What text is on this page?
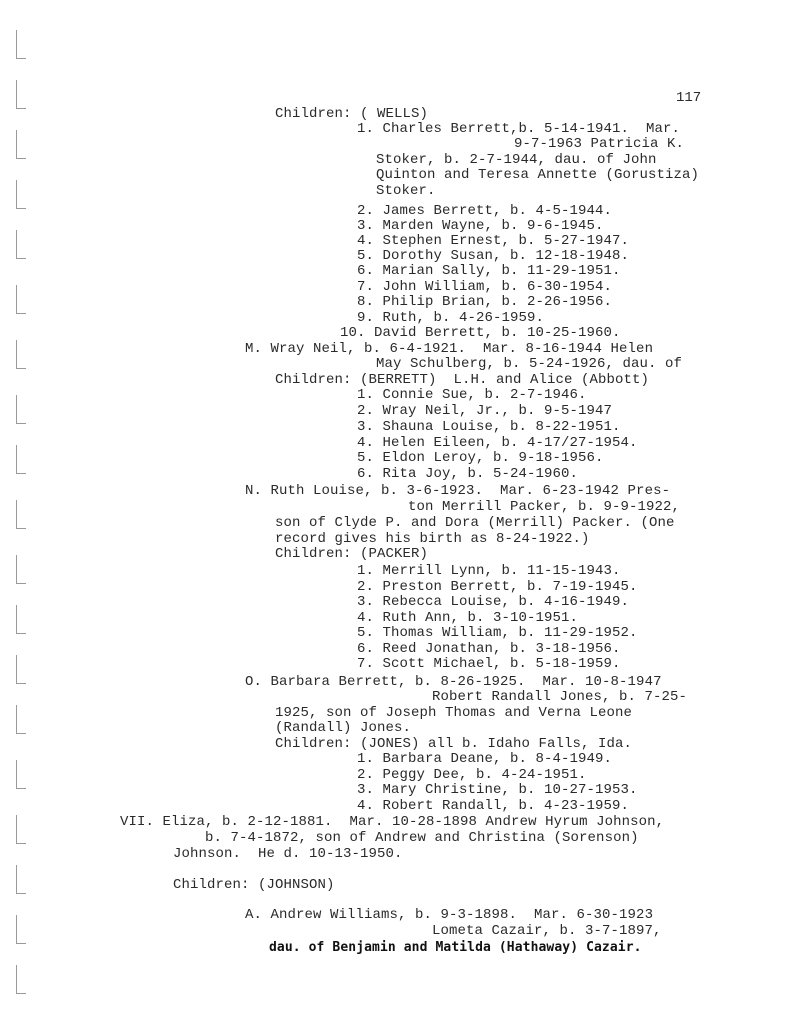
117
Children: ( WELLS)
1. Charles Berrett,b. 5-14-1941.  Mar.
9-7-1963 Patricia K.
Stoker, b. 2-7-1944, dau. of John
Quinton and Teresa Annette (Gorustiza)
Stoker.
2. James Berrett, b. 4-5-1944.
3. Marden Wayne, b. 9-6-1945.
4. Stephen Ernest, b. 5-27-1947.
5. Dorothy Susan, b. 12-18-1948.
6. Marian Sally, b. 11-29-1951.
7. John William, b. 6-30-1954.
8. Philip Brian, b. 2-26-1956.
9. Ruth, b. 4-26-1959.
10. David Berrett, b. 10-25-1960.
M. Wray Neil, b. 6-4-1921.  Mar. 8-16-1944 Helen
May Schulberg, b. 5-24-1926, dau. of
Children: (BERRETT)  L.H. and Alice (Abbott)
1. Connie Sue, b. 2-7-1946.
2. Wray Neil, Jr., b. 9-5-1947
3. Shauna Louise, b. 8-22-1951.
4. Helen Eileen, b. 4-17/27-1954.
5. Eldon Leroy, b. 9-18-1956.
6. Rita Joy, b. 5-24-1960.
N. Ruth Louise, b. 3-6-1923.  Mar. 6-23-1942 Pres-
ton Merrill Packer, b. 9-9-1922,
son of Clyde P. and Dora (Merrill) Packer. (One
record gives his birth as 8-24-1922.)
Children: (PACKER)
1. Merrill Lynn, b. 11-15-1943.
2. Preston Berrett, b. 7-19-1945.
3. Rebecca Louise, b. 4-16-1949.
4. Ruth Ann, b. 3-10-1951.
5. Thomas William, b. 11-29-1952.
6. Reed Jonathan, b. 3-18-1956.
7. Scott Michael, b. 5-18-1959.
O. Barbara Berrett, b. 8-26-1925.  Mar. 10-8-1947
Robert Randall Jones, b. 7-25-
1925, son of Joseph Thomas and Verna Leone
(Randall) Jones.
Children: (JONES) all b. Idaho Falls, Ida.
1. Barbara Deane, b. 8-4-1949.
2. Peggy Dee, b. 4-24-1951.
3. Mary Christine, b. 10-27-1953.
4. Robert Randall, b. 4-23-1959.
VII. Eliza, b. 2-12-1881.  Mar. 10-28-1898 Andrew Hyrum Johnson,
b. 7-4-1872, son of Andrew and Christina (Sorenson)
Johnson.  He d. 10-13-1950.
Children: (JOHNSON)
A. Andrew Williams, b. 9-3-1898.  Mar. 6-30-1923
Lometa Cazair, b. 3-7-1897,
dau. of Benjamin and Matilda (Hathaway) Cazair.
